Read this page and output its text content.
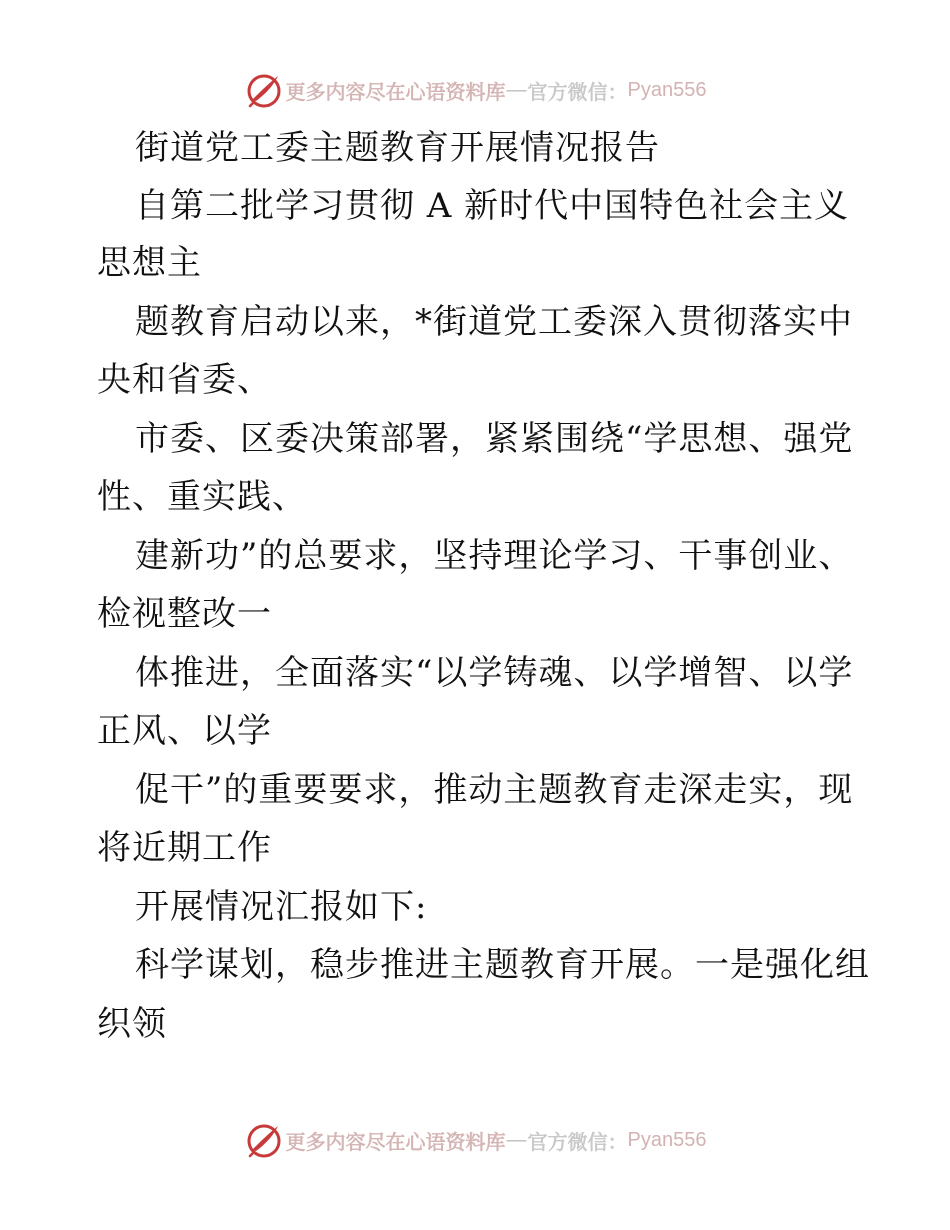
更多内容尽在心语资料库 — 官方微信： Pyan556
街道党工委主题教育开展情况报告
自第二批学习贯彻 A 新时代中国特色社会主义
思想主
题教育启动以来，*街道党工委深入贯彻落实中
央和省委、
市委、区委决策部署，紧紧围绕“学思想、强党
性、重实践、
建新功”的总要求，坚持理论学习、干事创业、
检视整改一
体推进，全面落实“以学铸魂、以学增智、以学
正风、以学
促干”的重要要求，推动主题教育走深走实，现
将近期工作
开展情况汇报如下:
科学谋划，稳步推进主题教育开展。一是强化组
织领
更多内容尽在心语资料库 — 官方微信： Pyan556
